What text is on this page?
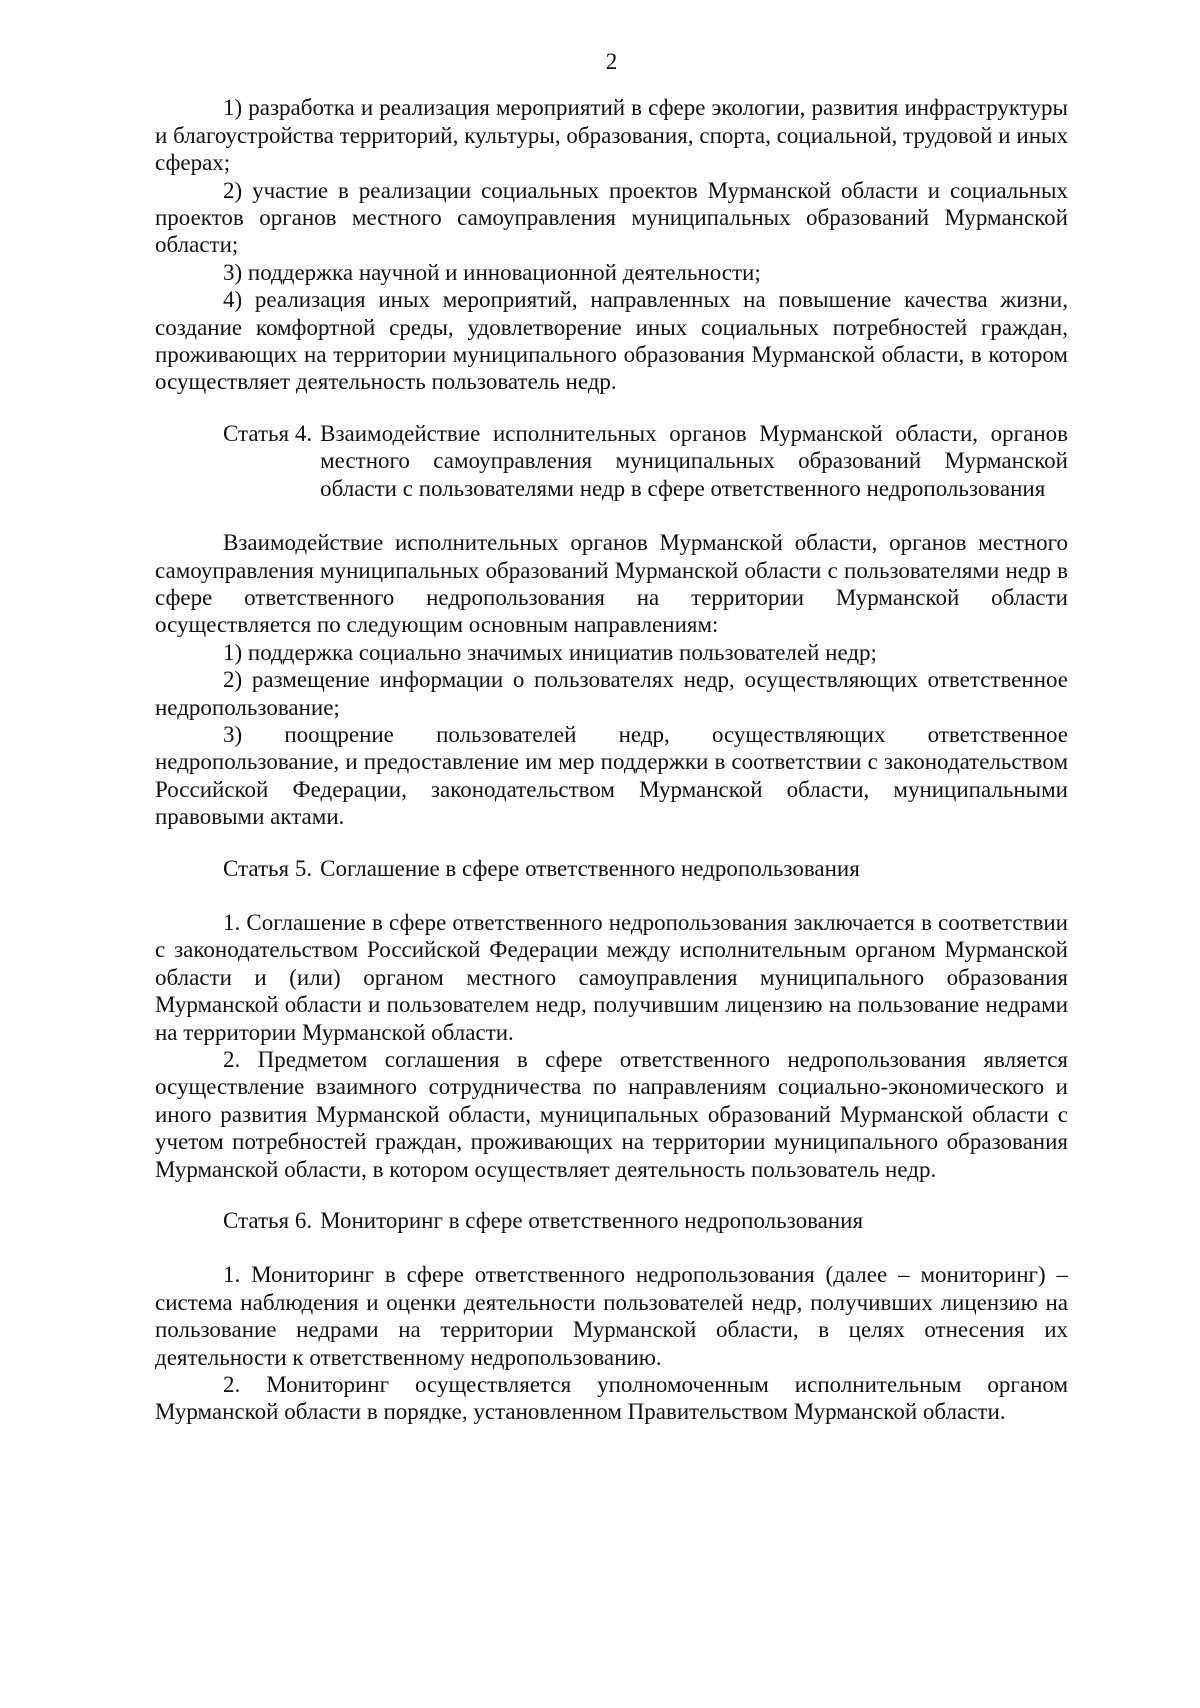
2

1) разработка и реализация мероприятий в сфере экологии, развития инфраструктуры и благоустройства территорий, культуры, образования, спорта, социальной, трудовой и иных сферах;

2) участие в реализации социальных проектов Мурманской области и социальных проектов органов местного самоуправления муниципальных образований Мурманской области;

3) поддержка научной и инновационной деятельности;

4) реализация иных мероприятий, направленных на повышение качества жизни, создание комфортной среды, удовлетворение иных социальных потребностей граждан, проживающих на территории муниципального образования Мурманской области, в котором осуществляет деятельность пользователь недр.

Статья 4. Взаимодействие исполнительных органов Мурманской области, органов местного самоуправления муниципальных образований Мурманской области с пользователями недр в сфере ответственного недропользования

Взаимодействие исполнительных органов Мурманской области, органов местного самоуправления муниципальных образований Мурманской области с пользователями недр в сфере ответственного недропользования на территории Мурманской области осуществляется по следующим основным направлениям:

1) поддержка социально значимых инициатив пользователей недр;

2) размещение информации о пользователях недр, осуществляющих ответственное недропользование;

3) поощрение пользователей недр, осуществляющих ответственное недропользование, и предоставление им мер поддержки в соответствии с законодательством Российской Федерации, законодательством Мурманской области, муниципальными правовыми актами.

Статья 5. Соглашение в сфере ответственного недропользования

1. Соглашение в сфере ответственного недропользования заключается в соответствии с законодательством Российской Федерации между исполнительным органом Мурманской области и (или) органом местного самоуправления муниципального образования Мурманской области и пользователем недр, получившим лицензию на пользование недрами на территории Мурманской области.

2. Предметом соглашения в сфере ответственного недропользования является осуществление взаимного сотрудничества по направлениям социально-экономического и иного развития Мурманской области, муниципальных образований Мурманской области с учетом потребностей граждан, проживающих на территории муниципального образования Мурманской области, в котором осуществляет деятельность пользователь недр.

Статья 6. Мониторинг в сфере ответственного недропользования

1. Мониторинг в сфере ответственного недропользования (далее – мониторинг) – система наблюдения и оценки деятельности пользователей недр, получивших лицензию на пользование недрами на территории Мурманской области, в целях отнесения их деятельности к ответственному недропользованию.

2. Мониторинг осуществляется уполномоченным исполнительным органом Мурманской области в порядке, установленном Правительством Мурманской области.
